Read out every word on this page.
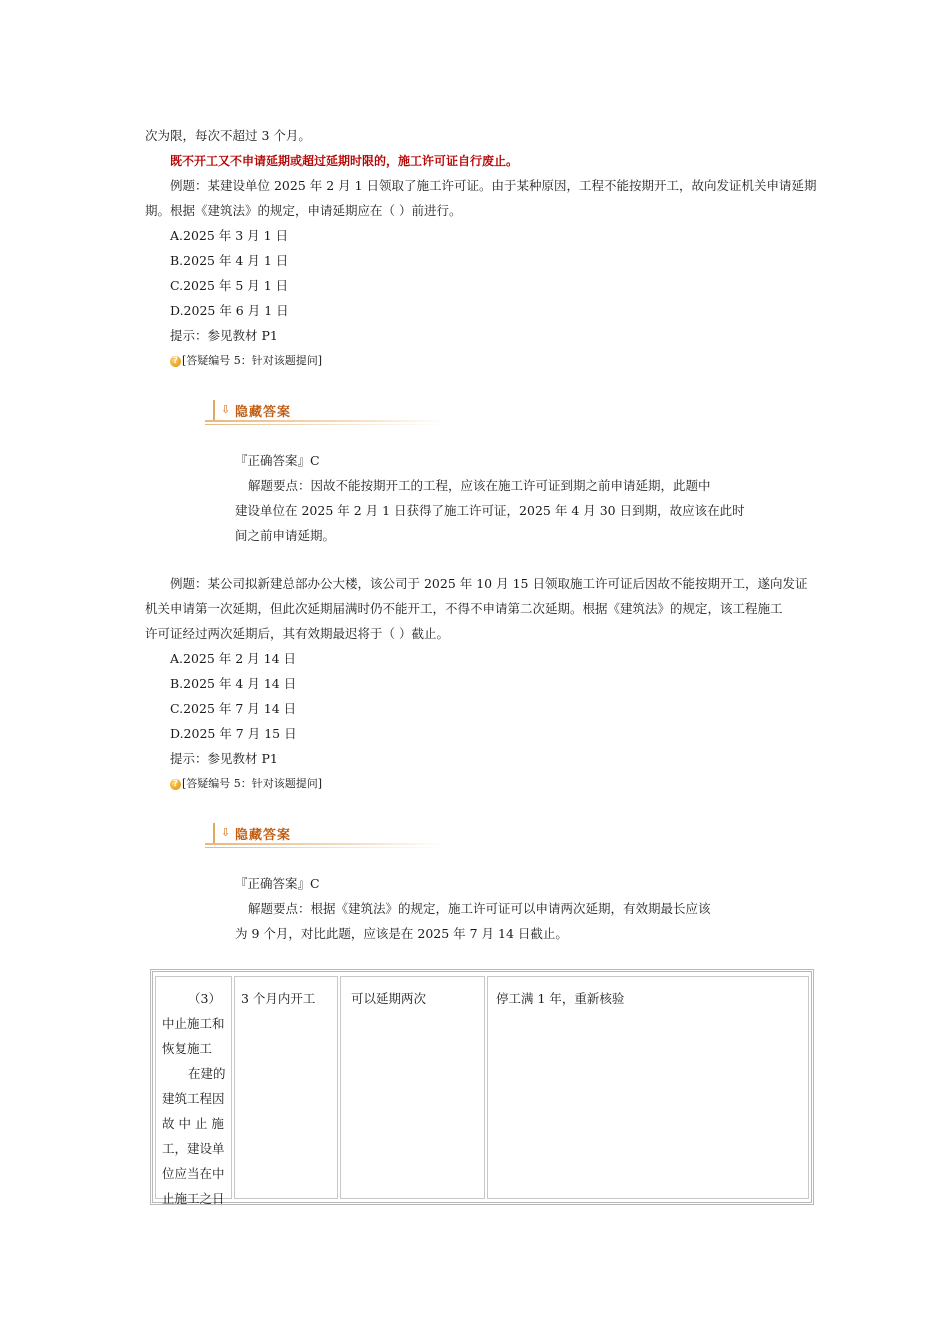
次为限，每次不超过 3 个月。
既不开工又不申请延期或超过延期时限的，施工许可证自行废止。
例题：某建设单位 2025 年 2 月 1 日领取了施工许可证。由于某种原因，工程不能按期开工，故向发证机关申请延期
期。根据《建筑法》的规定，申请延期应在（ ）前进行。
A.2025 年 3 月 1 日
B.2025 年 4 月 1 日
C.2025 年 5 月 1 日
D.2025 年 6 月 1 日
提示：参见教材 P1
? [答疑编号 5：针对该题提问]
⇩ 隐藏答案
『正确答案』C
解题要点：因故不能按期开工的工程，应该在施工许可证到期之前申请延期，此题中
建设单位在 2025 年 2 月 1 日获得了施工许可证，2025 年 4 月 30 日到期，故应该在此时
间之前申请延期。
例题：某公司拟新建总部办公大楼，该公司于 2025 年 10 月 15 日领取施工许可证后因故不能按期开工，遂向发证
机关申请第一次延期，但此次延期届满时仍不能开工，不得不申请第二次延期。根据《建筑法》的规定，该工程施工
许可证经过两次延期后，其有效期最迟将于（ ）截止。
A.2025 年 2 月 14 日
B.2025 年 4 月 14 日
C.2025 年 7 月 14 日
D.2025 年 7 月 15 日
提示：参见教材 P1
? [答疑编号 5：针对该题提问]
⇩ 隐藏答案
『正确答案』C
解题要点：根据《建筑法》的规定，施工许可证可以申请两次延期，有效期最长应该
为 9 个月，对比此题，应该是在 2025 年 7 月 14 日截止。
（3）
中止施工和
恢复施工
在建的
建筑工程因
故 中 止 施
工，建设单
位应当在中
止施工之日
3 个月内开工	可以延期两次	停工满 1 年，重新核验
